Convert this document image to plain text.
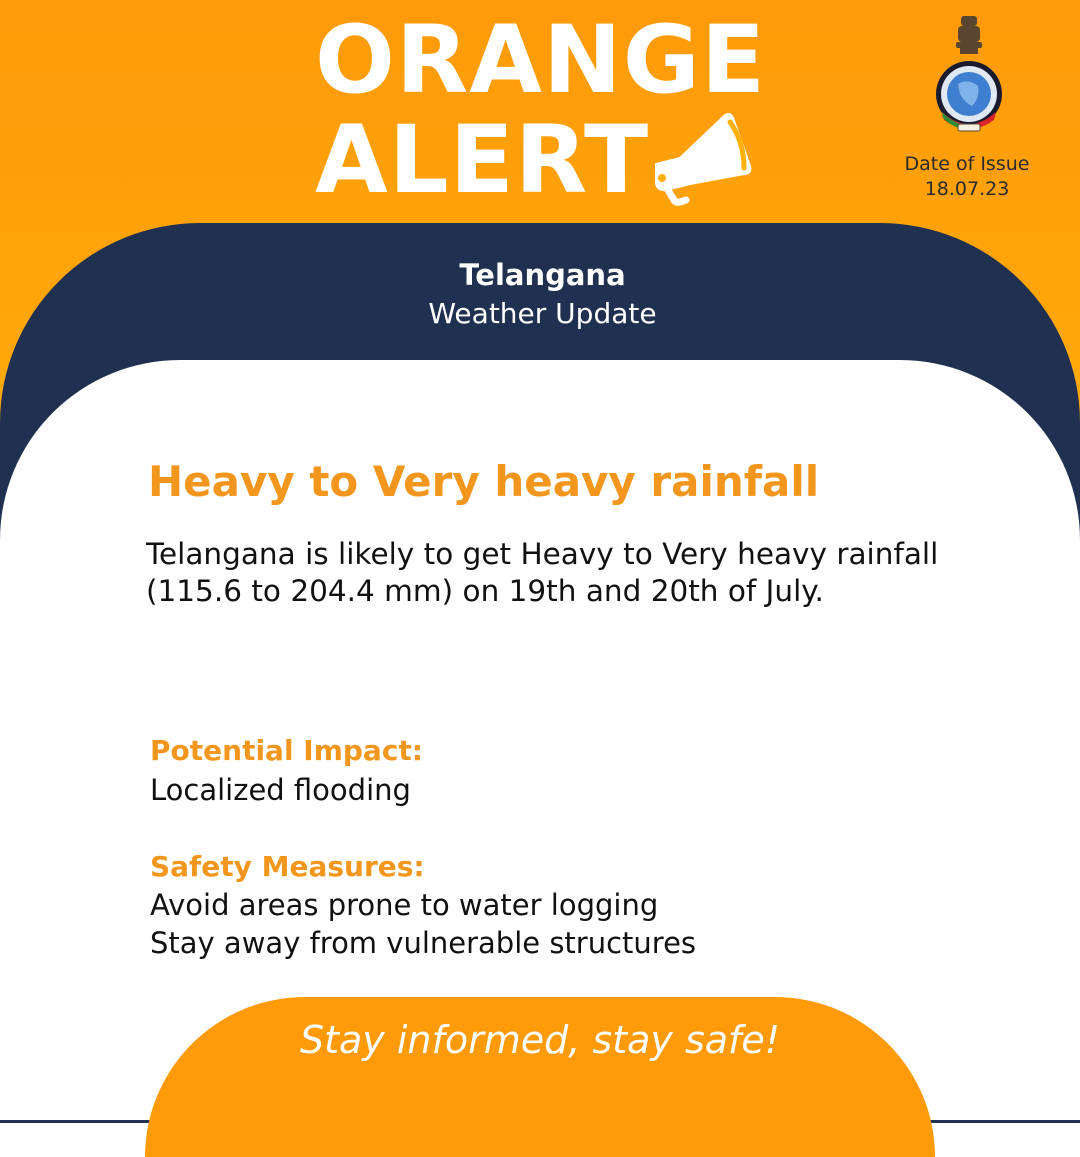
ORANGE
ALERT	Date of Issue
18.07.23
Telangana
Weather Update
Heavy to Very heavy rainfall

Telangana is likely to get Heavy to Very heavy rainfall (115.6 to 204.4 mm) on 19th and 20th of July.

Potential Impact:
Localized flooding
Safety Measures:
Avoid areas prone to water logging
Stay away from vulnerable structures
Stay informed, stay safe!
